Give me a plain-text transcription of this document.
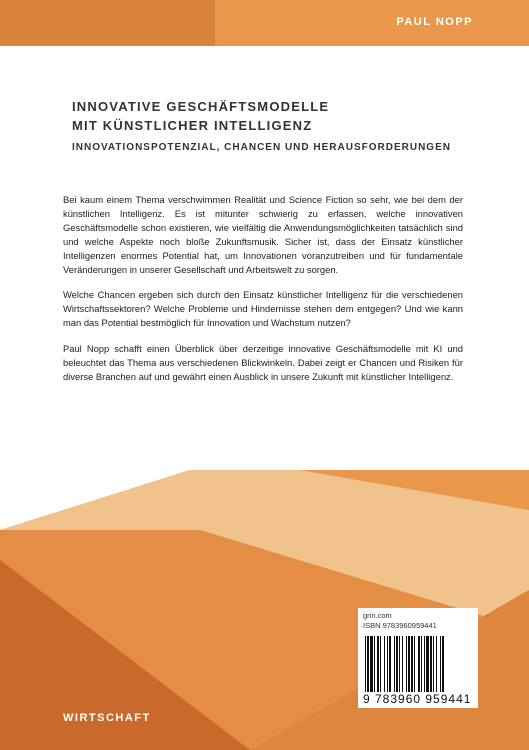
PAUL NOPP
INNOVATIVE GESCHÄFTSMODELLE
MIT KÜNSTLICHER INTELLIGENZ
INNOVATIONSPOTENZIAL, CHANCEN UND HERAUSFORDERUNGEN

Bei kaum einem Thema verschwimmen Realität und Science Fiction so sehr, wie bei dem der künstlichen Intelligenz. Es ist mitunter schwierig zu erfassen, welche innovativen Geschäftsmodelle schon existieren, wie vielfältig die Anwendungsmöglichkeiten tatsächlich sind und welche Aspekte noch bloße Zukunftsmusik. Sicher ist, dass der Einsatz künstlicher Intelligenzen enormes Potential hat, um Innovationen voranzutreiben und für fundamentale Veränderungen in unserer Gesellschaft und Arbeitswelt zu sorgen.

Welche Chancen ergeben sich durch den Einsatz künstlicher Intelligenz für die verschiedenen Wirtschaftssektoren? Welche Probleme und Hindernisse stehen dem entgegen? Und wie kann man das Potential bestmöglich für Innovation und Wachstum nutzen?

Paul Nopp schafft einen Überblick über derzeitige innovative Geschäftsmodelle mit KI und beleuchtet das Thema aus verschiedenen Blickwinkeln. Dabei zeigt er Chancen und Risiken für diverse Branchen auf und gewährt einen Ausblick in unsere Zukunft mit künstlicher Intelligenz.

grin.com
ISBN 9783960959441
9 783960 959441
WIRTSCHAFT
